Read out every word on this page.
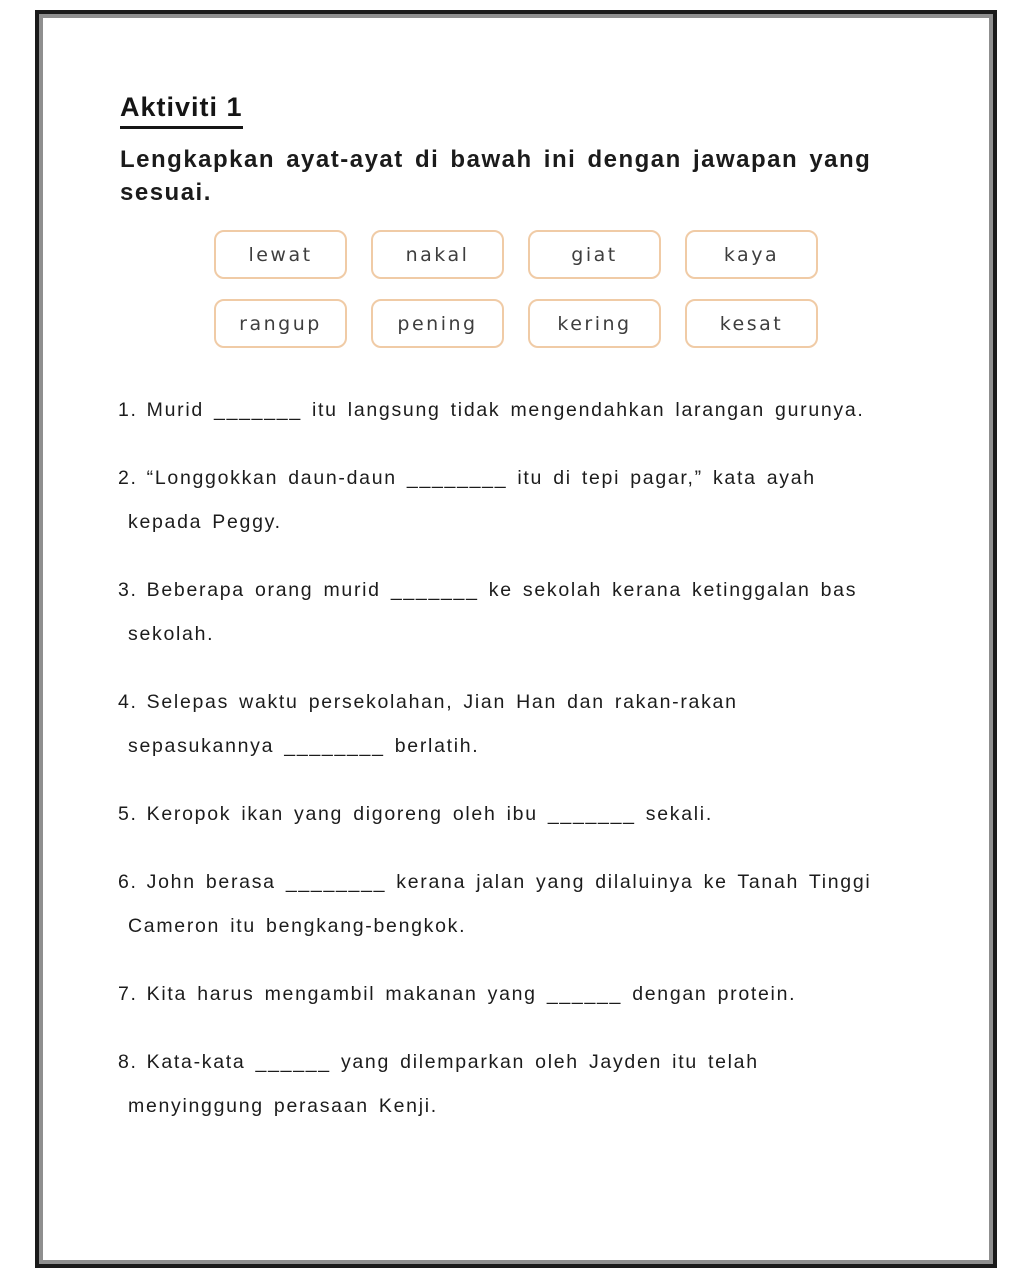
Aktiviti 1
Lengkapkan ayat-ayat di bawah ini dengan jawapan yang
sesuai.
lewat	nakal	giat	kaya
rangup	pening	kering	kesat
1. Murid _______ itu langsung tidak mengendahkan larangan gurunya.
2. “Longgokkan daun-daun ________ itu di tepi pagar,” kata ayah
kepada Peggy.
3. Beberapa orang murid _______ ke sekolah kerana ketinggalan bas
sekolah.
4. Selepas waktu persekolahan, Jian Han dan rakan-rakan
sepasukannya ________ berlatih.
5. Keropok ikan yang digoreng oleh ibu _______ sekali.
6. John berasa ________ kerana jalan yang dilaluinya ke Tanah Tinggi
Cameron itu bengkang-bengkok.
7. Kita harus mengambil makanan yang ______ dengan protein.
8. Kata-kata ______ yang dilemparkan oleh Jayden itu telah
menyinggung perasaan Kenji.
